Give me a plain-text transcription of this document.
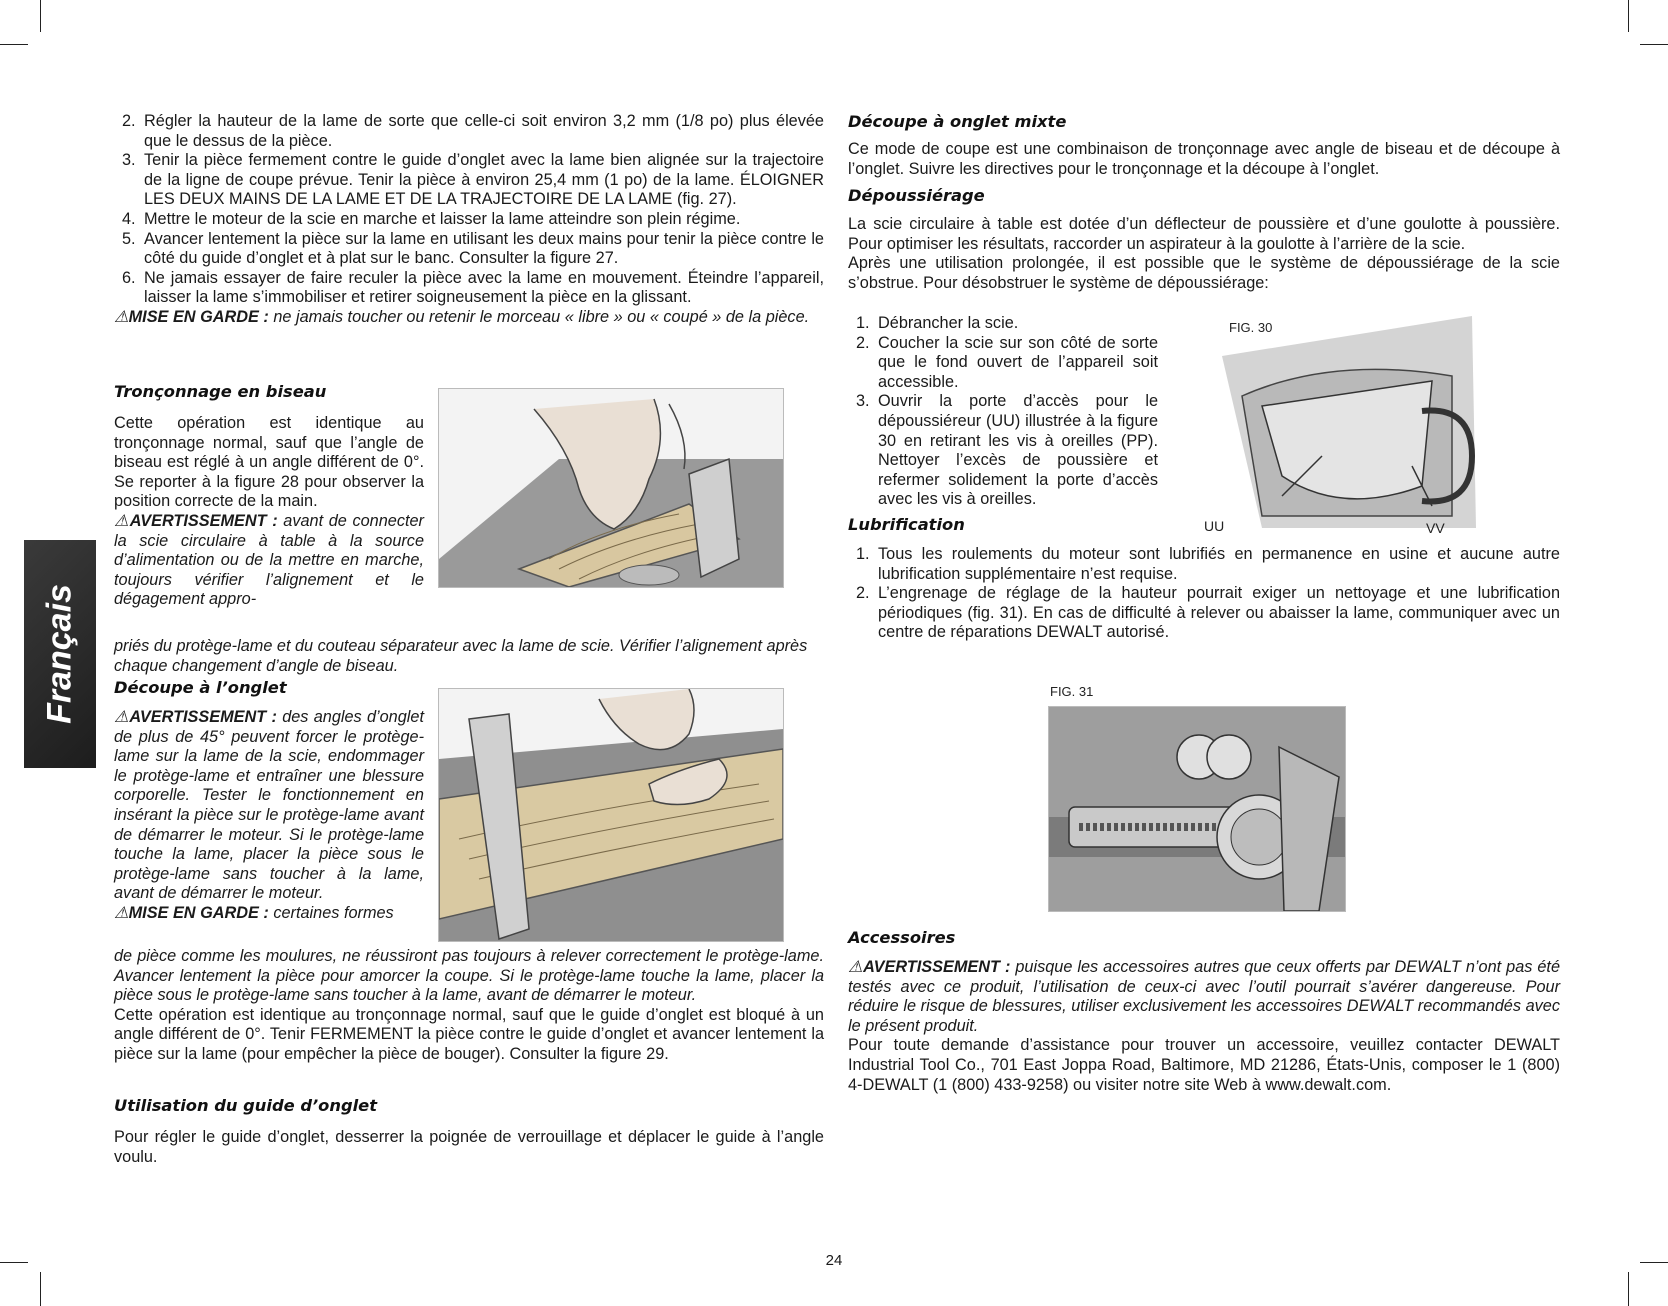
Français
2. Régler la hauteur de la lame de sorte que celle-ci soit environ 3,2 mm (1/8 po) plus élevée que le dessus de la pièce.
3. Tenir la pièce fermement contre le guide d’onglet avec la lame bien alignée sur la trajectoire de la ligne de coupe prévue. Tenir la pièce à environ 25,4 mm (1 po) de la lame. ÉLOIGNER LES DEUX MAINS DE LA LAME ET DE LA TRAJECTOIRE DE LA LAME (fig. 27).
4. Mettre le moteur de la scie en marche et laisser la lame atteindre son plein régime.
5. Avancer lentement la pièce sur la lame en utilisant les deux mains pour tenir la pièce contre le côté du guide d’onglet et à plat sur le banc. Consulter la figure 27.
6. Ne jamais essayer de faire reculer la pièce avec la lame en mouvement. Éteindre l’appareil, laisser la lame s’immobiliser et retirer soigneusement la pièce en la glissant.

⚠MISE EN GARDE : ne jamais toucher ou retenir le morceau « libre » ou « coupé » de la pièce.

Tronçonnage en biseau

Cette opération est identique au tronçonnage normal, sauf que l’angle de biseau est réglé à un angle différent de 0°. Se reporter à la figure 28 pour observer la position correcte de la main.

⚠AVERTISSEMENT : avant de connecter la scie circulaire à table à la source d’alimentation ou de la mettre en marche, toujours vérifier l’alignement et le dégagement appro-

priés du protège-lame et du couteau séparateur avec la lame de scie. Vérifier l’alignement après chaque changement d’angle de biseau.

Découpe à l’onglet

⚠AVERTISSEMENT : des angles d’onglet de plus de 45° peuvent forcer le protège-lame sur la lame de la scie, endommager le protège-lame et entraîner une blessure corporelle. Tester le fonctionnement en insérant la pièce sur le protège-lame avant de démarrer le moteur. Si le protège-lame touche la lame, placer la pièce sous le protège-lame sans toucher à la lame, avant de démarrer le moteur.

⚠MISE EN GARDE : certaines formes

de pièce comme les moulures, ne réussiront pas toujours à relever correctement le protège-lame. Avancer lentement la pièce pour amorcer la coupe. Si le protège-lame touche la lame, placer la pièce sous le protège-lame sans toucher à la lame, avant de démarrer le moteur.

Cette opération est identique au tronçonnage normal, sauf que le guide d’onglet est bloqué à un angle différent de 0°. Tenir FERMEMENT la pièce contre le guide d’onglet et avancer lentement la pièce sur la lame (pour empêcher la pièce de bouger). Consulter la figure 29.

Utilisation du guide d’onglet

Pour régler le guide d’onglet, desserrer la poignée de verrouillage et déplacer le guide à l’angle voulu.

Découpe à onglet mixte

Ce mode de coupe est une combinaison de tronçonnage avec angle de biseau et de découpe à l’onglet. Suivre les directives pour le tronçonnage et la découpe à l’onglet.

Dépoussiérage

La scie circulaire à table est dotée d’un déflecteur de poussière et d’une goulotte à poussière. Pour optimiser les résultats, raccorder un aspirateur à la goulotte à l’arrière de la scie.

Après une utilisation prolongée, il est possible que le système de dépoussiérage de la scie s’obstrue. Pour désobstruer le système de dépoussiérage:

1. Débrancher la scie.
2. Coucher la scie sur son côté de sorte que le fond ouvert de l’appareil soit accessible.
3. Ouvrir la porte d’accès pour le dépoussiéreur (UU) illustrée à la figure 30 en retirant les vis à oreilles (PP). Nettoyer l’excès de poussière et refermer solidement la porte d’accès avec les vis à oreilles.
FIG. 30
UU	VV
Lubrification
1. Tous les roulements du moteur sont lubrifiés en permanence en usine et aucune autre lubrification supplémentaire n’est requise.
2. L’engrenage de réglage de la hauteur pourrait exiger un nettoyage et une lubrification périodiques (fig. 31). En cas de difficulté à relever ou abaisser la lame, communiquer avec un centre de réparations DEWALT autorisé.
FIG. 31
Accessoires

⚠AVERTISSEMENT : puisque les accessoires autres que ceux offerts par DEWALT n’ont pas été testés avec ce produit, l’utilisation de ceux-ci avec l’outil pourrait s’avérer dangereuse. Pour réduire le risque de blessures, utiliser exclusivement les accessoires DEWALT recommandés avec le présent produit.

Pour toute demande d’assistance pour trouver un accessoire, veuillez contacter DEWALT Industrial Tool Co., 701 East Joppa Road, Baltimore, MD 21286, États-Unis, composer le 1 (800) 4-DEWALT (1 (800) 433-9258) ou visiter notre site Web à www.dewalt.com.

24
